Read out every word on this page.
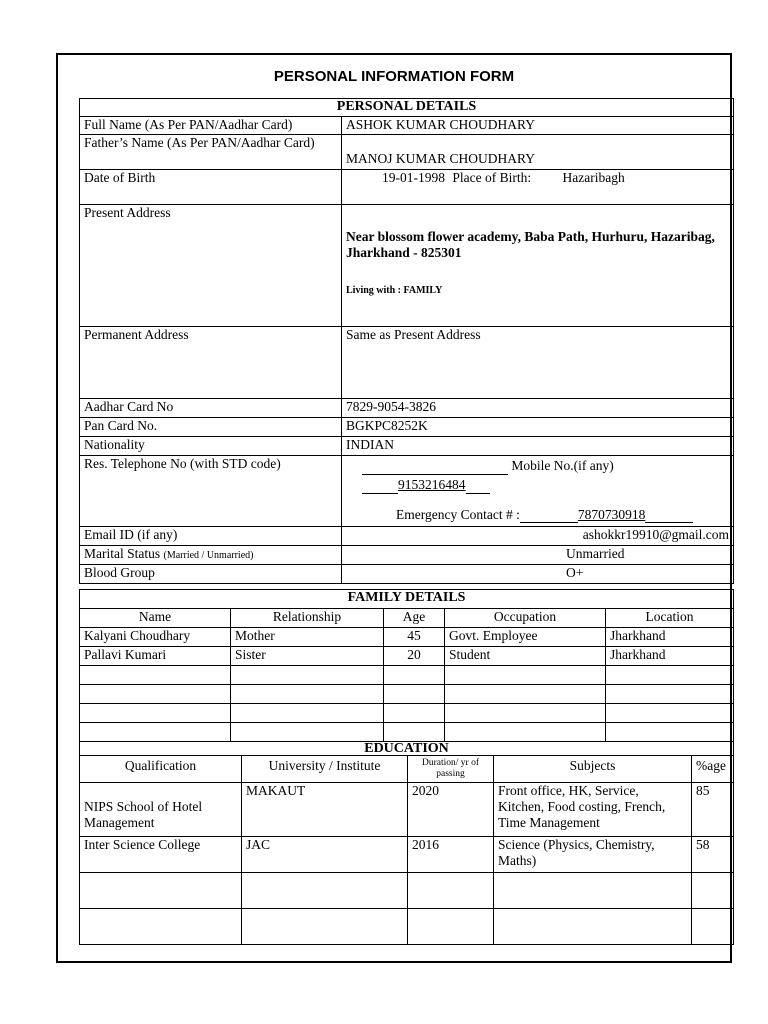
PERSONAL INFORMATION FORM
PERSONAL DETAILS	
Full Name (As Per PAN/Aadhar Card)	ASHOK KUMAR CHOUDHARY
Father’s Name (As Per PAN/Aadhar Card)	MANOJ KUMAR CHOUDHARY

Date of Birth	19-01-1998 Place of Birth: Hazaribagh
Present Address	Near blossom flower academy, Baba Path, Hurhuru, Hazaribag, Jharkhand - 825301
Living with : FAMILY

Permanent Address	Same as Present Address
Aadhar Card No	7829-9054-3826
Pan Card No.	BGKPC8252K
Nationality	INDIAN
Res. Telephone No (with STD code)	Mobile No.(if any)
9153216484
Emergency Contact # : 7870730918

Email ID (if any)	ashokkr19910@gmail.com
Marital Status (Married / Unmarried)	Unmarried
Blood Group	O+
FAMILY DETAILS				
Name	Relationship	Age	Occupation	Location
Kalyani Choudhary	Mother	45	Govt. Employee	Jharkhand
Pallavi Kumari	Sister	20	Student	Jharkhand

EDUCATION				
Qualification	University / Institute	Duration/ yr of passing	Subjects	%age

NIPS School of Hotel Management	MAKAUT	2020	Front office, HK, Service, Kitchen, Food costing, French, Time Management	85
Inter Science College	JAC	2016	Science (Physics, Chemistry, Maths)	58
